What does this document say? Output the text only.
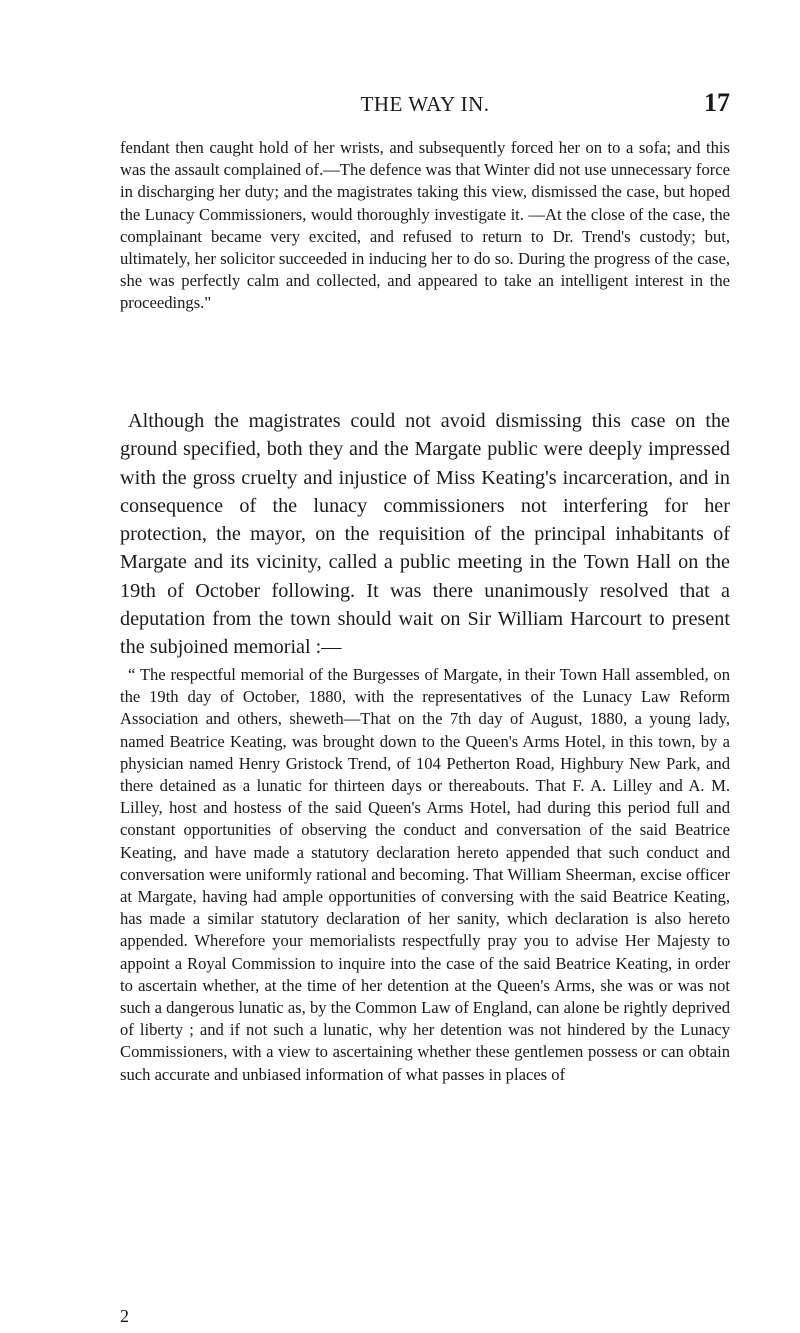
THE WAY IN.	17

fendant then caught hold of her wrists, and subsequently forced her on to a sofa; and this was the assault complained of.—The defence was that Winter did not use unnecessary force in discharging her duty; and the magistrates taking this view, dismissed the case, but hoped the Lunacy Commissioners, would thoroughly investigate it. —At the close of the case, the complainant became very excited, and refused to return to Dr. Trend's custody; but, ultimately, her solicitor succeeded in inducing her to do so. During the progress of the case, she was perfectly calm and collected, and appeared to take an intelligent interest in the proceedings."

Although the magistrates could not avoid dismissing this case on the ground specified, both they and the Margate public were deeply impressed with the gross cruelty and injustice of Miss Keating's incarceration, and in consequence of the lunacy commissioners not interfering for her protection, the mayor, on the requisition of the principal inhabitants of Margate and its vicinity, called a public meeting in the Town Hall on the 19th of October following. It was there unanimously resolved that a deputation from the town should wait on Sir William Harcourt to present the subjoined memorial :—

“ The respectful memorial of the Burgesses of Margate, in their Town Hall assembled, on the 19th day of October, 1880, with the representatives of the Lunacy Law Reform Association and others, sheweth—That on the 7th day of August, 1880, a young lady, named Beatrice Keating, was brought down to the Queen's Arms Hotel, in this town, by a physician named Henry Gristock Trend, of 104 Petherton Road, Highbury New Park, and there detained as a lunatic for thirteen days or thereabouts. That F. A. Lilley and A. M. Lilley, host and hostess of the said Queen's Arms Hotel, had during this period full and constant opportunities of observing the conduct and conversation of the said Beatrice Keating, and have made a statutory declaration hereto appended that such conduct and conversation were uniformly rational and becoming. That William Sheerman, excise officer at Margate, having had ample opportunities of conversing with the said Beatrice Keating, has made a similar statutory declaration of her sanity, which declaration is also hereto appended. Wherefore your memorialists respectfully pray you to advise Her Majesty to appoint a Royal Commission to inquire into the case of the said Beatrice Keating, in order to ascertain whether, at the time of her detention at the Queen's Arms, she was or was not such a dangerous lunatic as, by the Common Law of England, can alone be rightly deprived of liberty ; and if not such a lunatic, why her detention was not hindered by the Lunacy Commissioners, with a view to ascertaining whether these gentlemen possess or can obtain such accurate and unbiased information of what passes in places of

2
